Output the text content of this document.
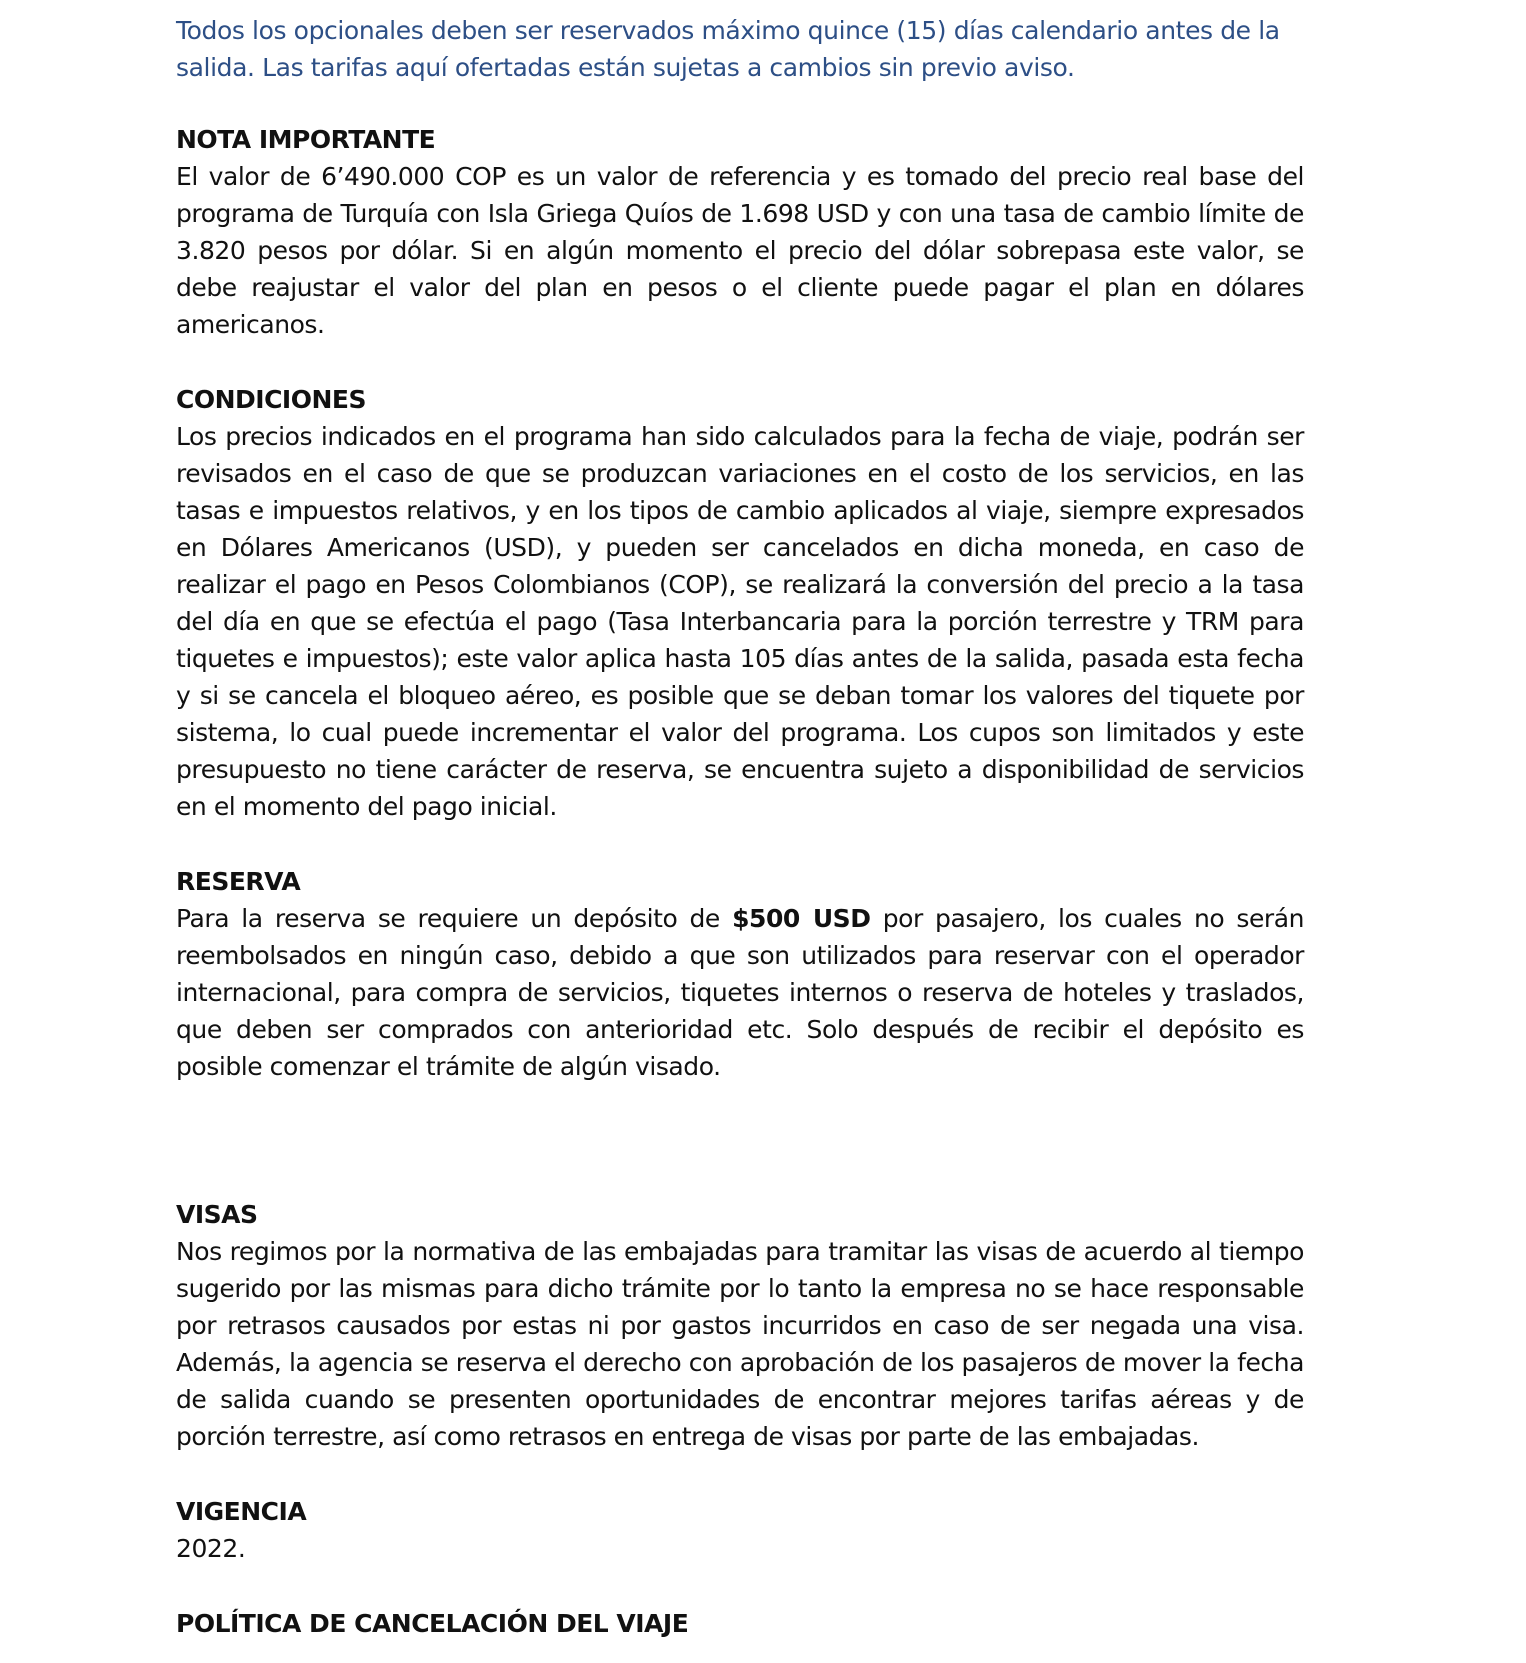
Todos los opcionales deben ser reservados máximo quince (15) días calendario antes de la salida. Las tarifas aquí ofertadas están sujetas a cambios sin previo aviso.

NOTA IMPORTANTE

El valor de 6’490.000 COP es un valor de referencia y es tomado del precio real base del programa de Turquía con Isla Griega Quíos de 1.698 USD y con una tasa de cambio límite de 3.820 pesos por dólar. Si en algún momento el precio del dólar sobrepasa este valor, se debe reajustar el valor del plan en pesos o el cliente puede pagar el plan en dólares americanos.

CONDICIONES

Los precios indicados en el programa han sido calculados para la fecha de viaje, podrán ser revisados en el caso de que se produzcan variaciones en el costo de los servicios, en las tasas e impuestos relativos, y en los tipos de cambio aplicados al viaje, siempre expresados en Dólares Americanos (USD), y pueden ser cancelados en dicha moneda, en caso de realizar el pago en Pesos Colombianos (COP), se realizará la conversión del precio a la tasa del día en que se efectúa el pago (Tasa Interbancaria para la porción terrestre y TRM para tiquetes e impuestos); este valor aplica hasta 105 días antes de la salida, pasada esta fecha y si se cancela el bloqueo aéreo, es posible que se deban tomar los valores del tiquete por sistema, lo cual puede incrementar el valor del programa. Los cupos son limitados y este presupuesto no tiene carácter de reserva, se encuentra sujeto a disponibilidad de servicios en el momento del pago inicial.

RESERVA

Para la reserva se requiere un depósito de $500 USD por pasajero, los cuales no serán reembolsados en ningún caso, debido a que son utilizados para reservar con el operador internacional, para compra de servicios, tiquetes internos o reserva de hoteles y traslados, que deben ser comprados con anterioridad etc. Solo después de recibir el depósito es posible comenzar el trámite de algún visado.

VISAS

Nos regimos por la normativa de las embajadas para tramitar las visas de acuerdo al tiempo sugerido por las mismas para dicho trámite por lo tanto la empresa no se hace responsable por retrasos causados por estas ni por gastos incurridos en caso de ser negada una visa. Además, la agencia se reserva el derecho con aprobación de los pasajeros de mover la fecha de salida cuando se presenten oportunidades de encontrar mejores tarifas aéreas y de porción terrestre, así como retrasos en entrega de visas por parte de las embajadas.

VIGENCIA

2022.

POLÍTICA DE CANCELACIÓN DEL VIAJE
